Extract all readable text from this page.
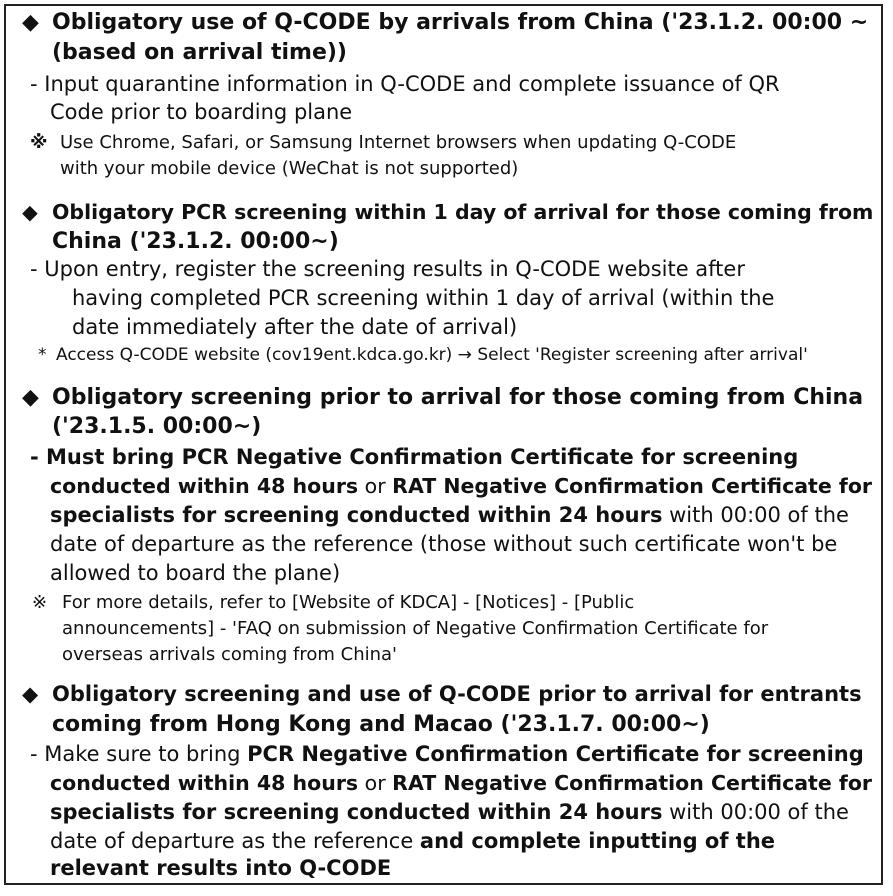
◆ Obligatory use of Q-CODE by arrivals from China ('23.1.2. 00:00 ~
(based on arrival time))
- Input quarantine information in Q-CODE and complete issuance of QR
Code prior to boarding plane
※ Use Chrome, Safari, or Samsung Internet browsers when updating Q-CODE
with your mobile device (WeChat is not supported)
◆ Obligatory PCR screening within 1 day of arrival for those coming from
China ('23.1.2. 00:00~)
- Upon entry, register the screening results in Q-CODE website after
having completed PCR screening within 1 day of arrival (within the
date immediately after the date of arrival)
* Access Q-CODE website (cov19ent.kdca.go.kr) → Select 'Register screening after arrival'
◆ Obligatory screening prior to arrival for those coming from China
('23.1.5. 00:00~)
- Must bring PCR Negative Confirmation Certificate for screening
conducted within 48 hours or RAT Negative Confirmation Certificate for
specialists for screening conducted within 24 hours with 00:00 of the
date of departure as the reference (those without such certificate won't be
allowed to board the plane)
※ For more details, refer to [Website of KDCA] - [Notices] - [Public
announcements] - 'FAQ on submission of Negative Confirmation Certificate for
overseas arrivals coming from China'
◆ Obligatory screening and use of Q-CODE prior to arrival for entrants
coming from Hong Kong and Macao ('23.1.7. 00:00~)
- Make sure to bring PCR Negative Confirmation Certificate for screening
conducted within 48 hours or RAT Negative Confirmation Certificate for
specialists for screening conducted within 24 hours with 00:00 of the
date of departure as the reference and complete inputting of the
relevant results into Q-CODE
